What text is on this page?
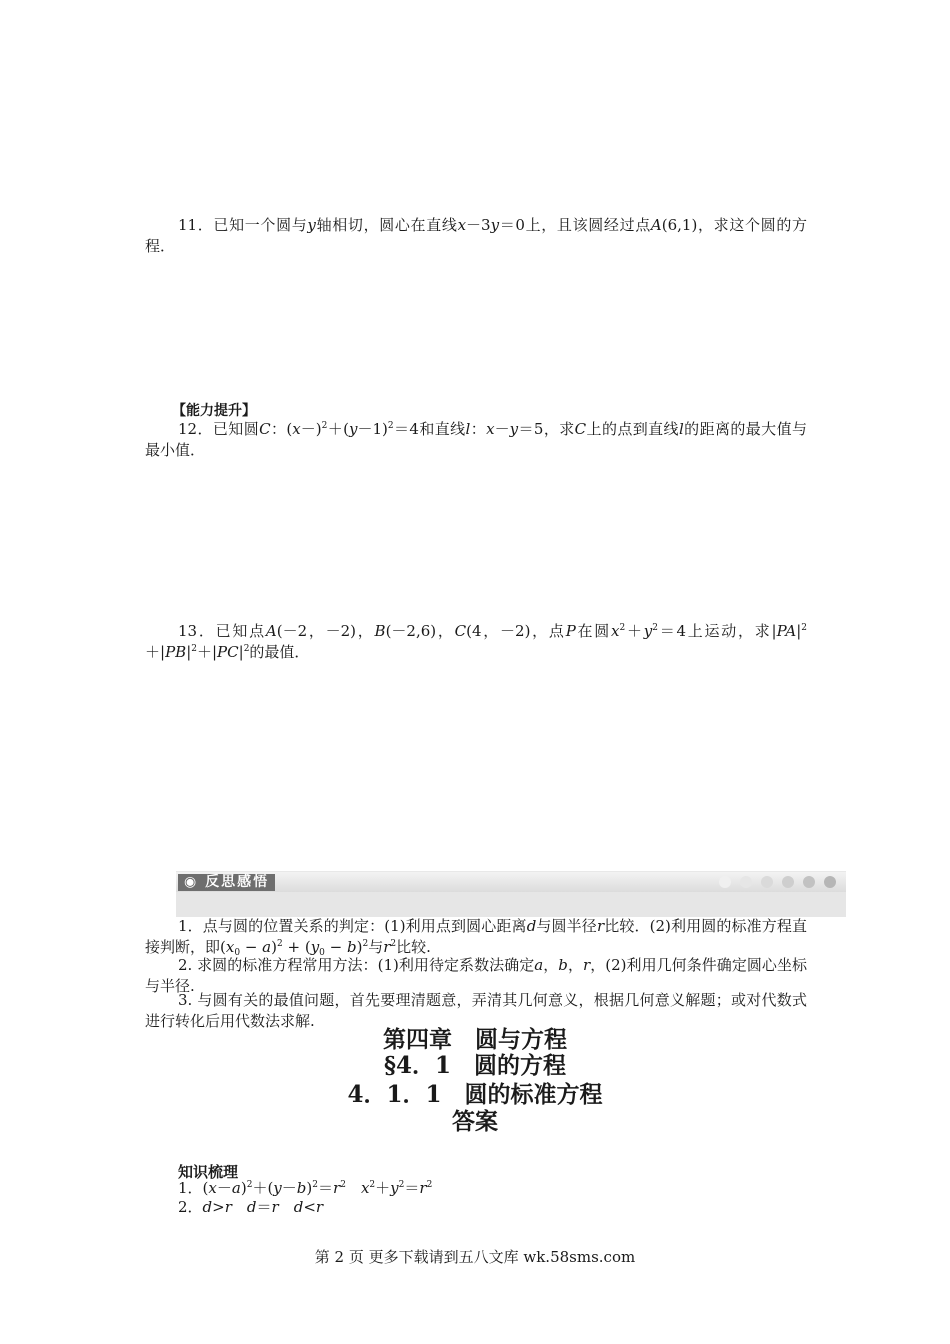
11．已知一个圆与y轴相切，圆心在直线x－3y＝0上，且该圆经过点A(6,1)，求这个圆的方程．
【能力提升】
12．已知圆C：$(x-)^2+(y-1)^2=4$和直线l：x－y＝5，求C上的点到直线l的距离的最大值与最小值．
13．已知点A(－2，－2)，B(－2,6)，C(4，－2)，点P在圆$x^2+y^2=4$上运动，求$|PA|^2+|PB|^2+|PC|^2$的最值．
◉ 反思感悟
1．点与圆的位置关系的判定：(1)利用点到圆心距离d与圆半径r比较．(2)利用圆的标准方程直接判断，即$(x_0 - a)^2 + (y_0 - b)^2$与$r^2$比较.
2. 求圆的标准方程常用方法：(1)利用待定系数法确定a，b，r，(2)利用几何条件确定圆心坐标与半径.
3. 与圆有关的最值问题，首先要理清题意，弄清其几何意义，根据几何意义解题；或对代数式进行转化后用代数法求解.
第四章　圆与方程
§4．1　圆的方程
4．1．1　圆的标准方程
答案
知识梳理
1．$(x-a)^2+(y-b)^2=r^2$　 $x^2+y^2=r^2$
2．d>r　 d＝r　 d<r
第 2 页 更多下载请到五八文库 wk.58sms.com
